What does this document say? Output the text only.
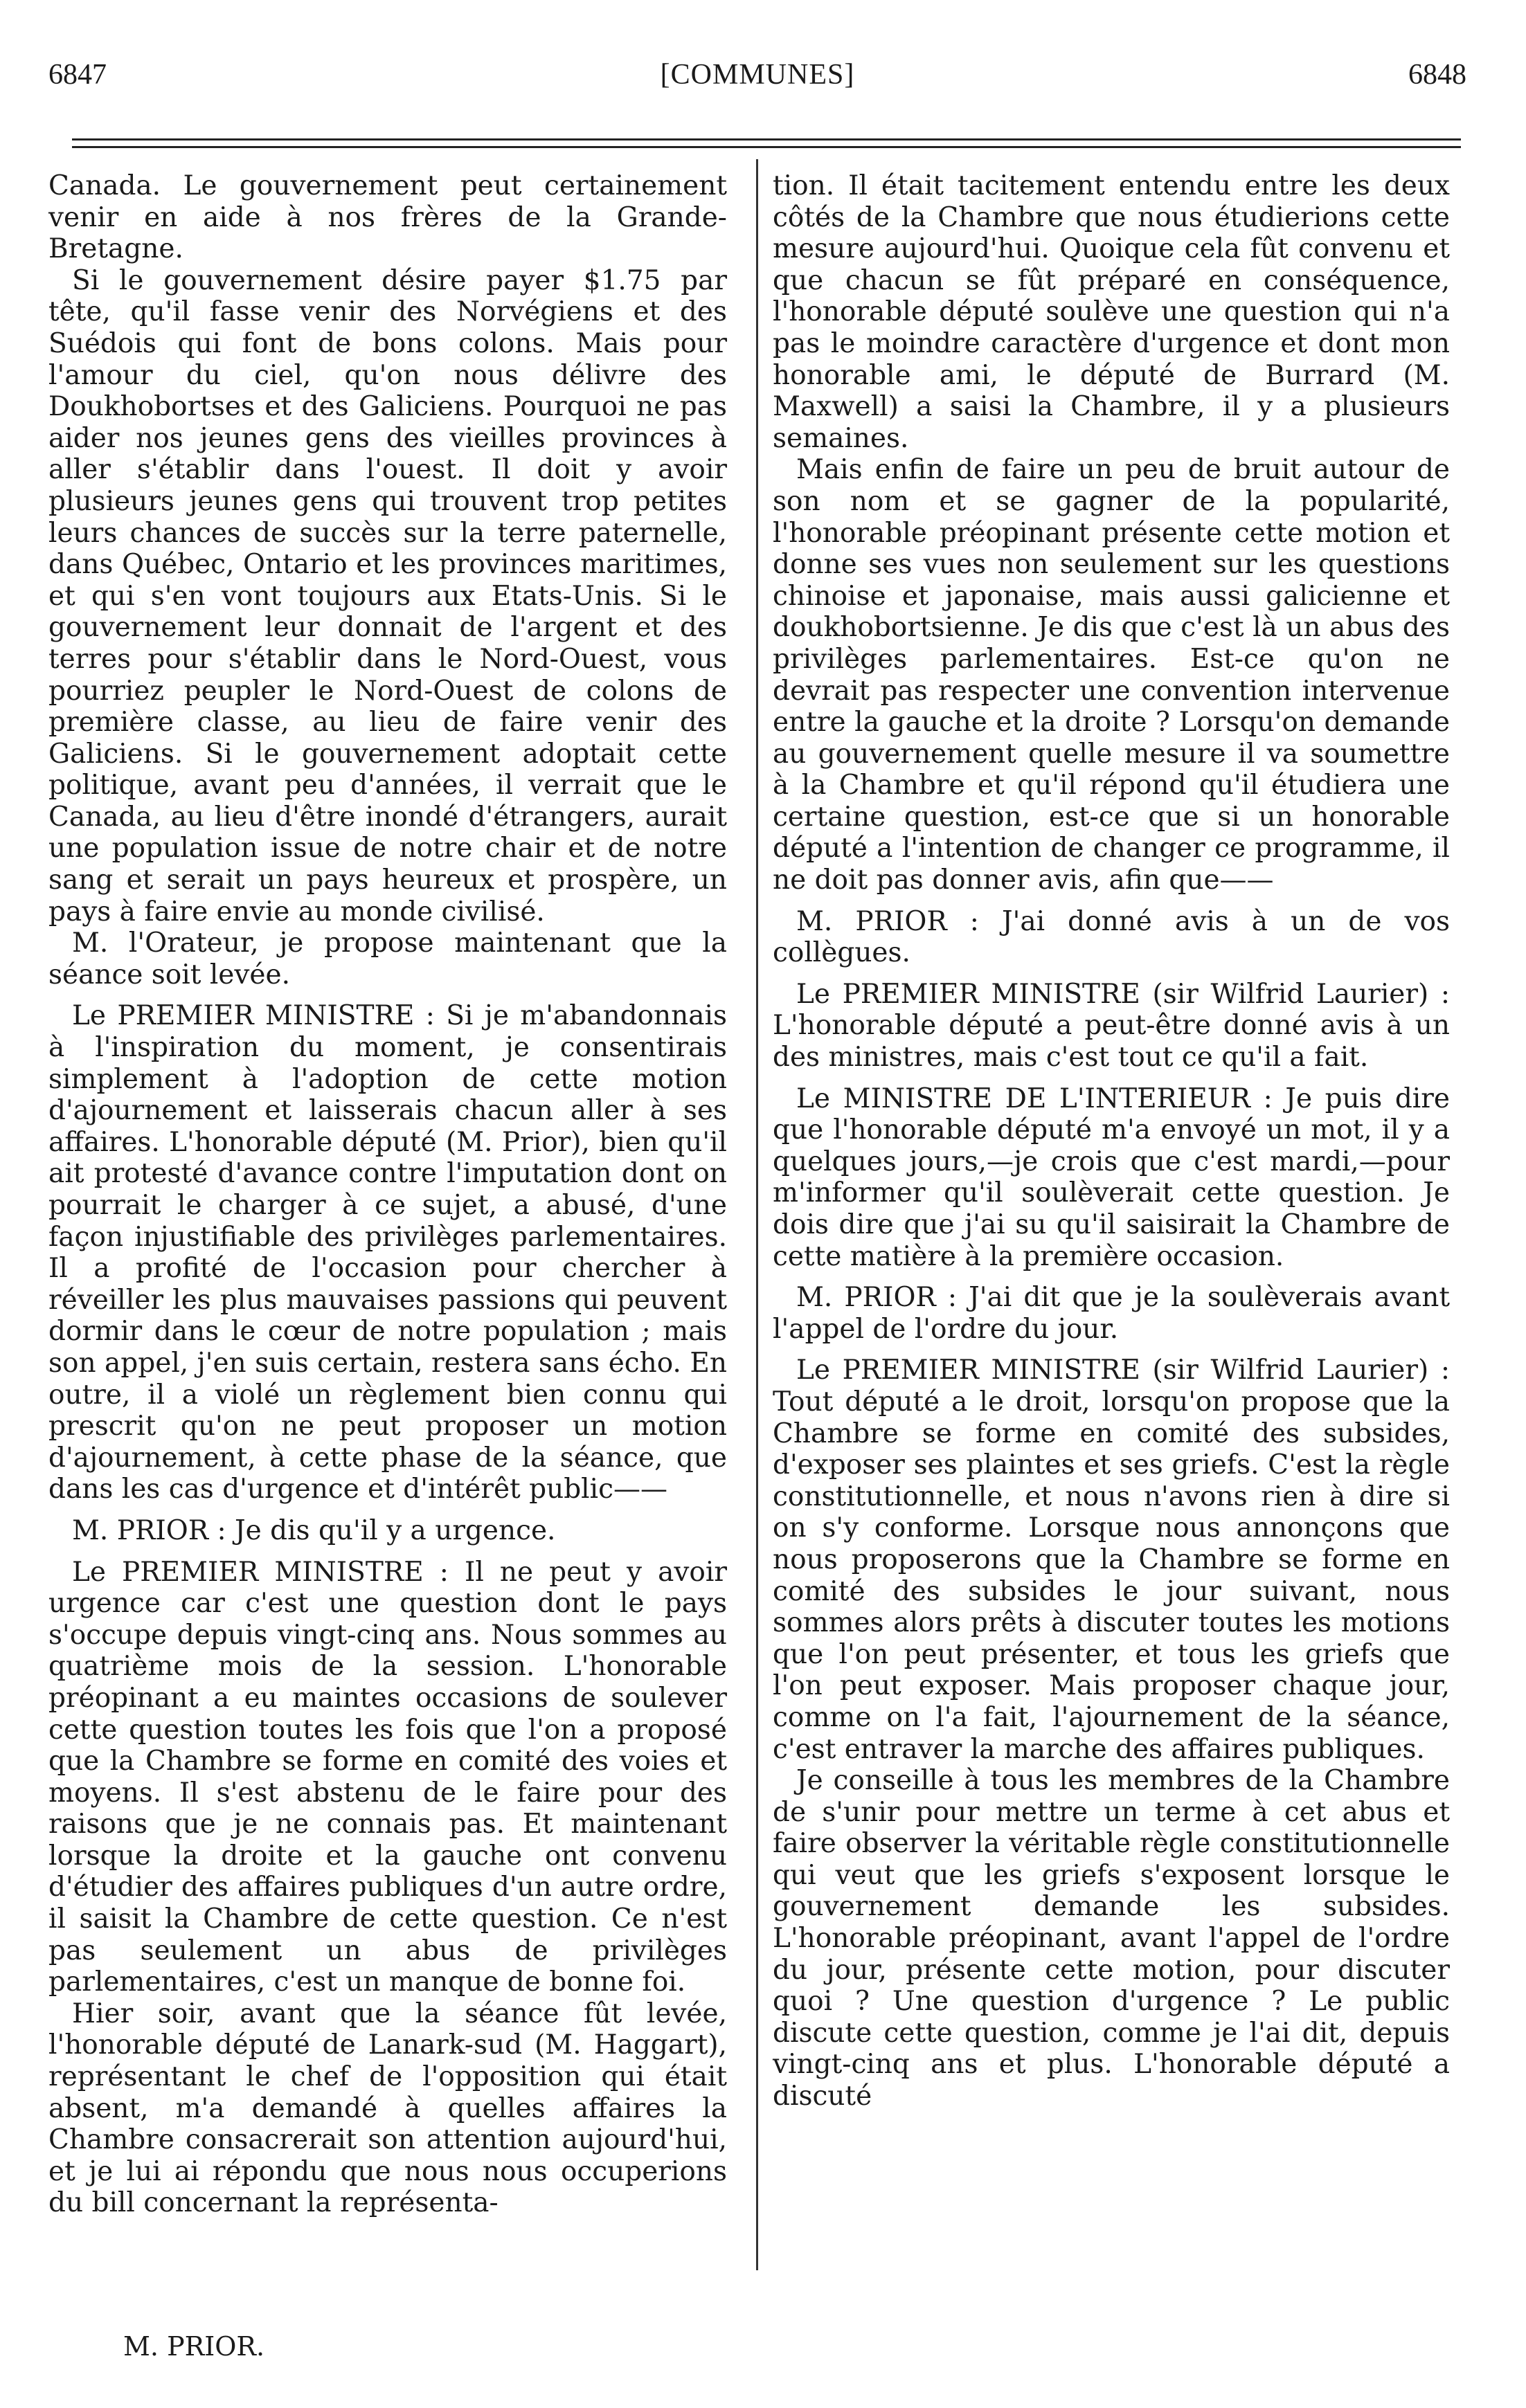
6847	[COMMUNES]	6848

Canada. Le gouvernement peut certainement venir en aide à nos frères de la Grande-Bretagne.

Si le gouvernement désire payer $1.75 par tête, qu'il fasse venir des Norvégiens et des Suédois qui font de bons colons. Mais pour l'amour du ciel, qu'on nous délivre des Doukhobortses et des Galiciens. Pourquoi ne pas aider nos jeunes gens des vieilles provinces à aller s'établir dans l'ouest. Il doit y avoir plusieurs jeunes gens qui trouvent trop petites leurs chances de succès sur la terre paternelle, dans Québec, Ontario et les provinces maritimes, et qui s'en vont toujours aux Etats-Unis. Si le gouvernement leur donnait de l'argent et des terres pour s'établir dans le Nord-Ouest, vous pourriez peupler le Nord-Ouest de colons de première classe, au lieu de faire venir des Galiciens. Si le gouvernement adoptait cette politique, avant peu d'années, il verrait que le Canada, au lieu d'être inondé d'étrangers, aurait une population issue de notre chair et de notre sang et serait un pays heureux et prospère, un pays à faire envie au monde civilisé.

M. l'Orateur, je propose maintenant que la séance soit levée.

Le PREMIER MINISTRE : Si je m'abandonnais à l'inspiration du moment, je consentirais simplement à l'adoption de cette motion d'ajournement et laisserais chacun aller à ses affaires. L'honorable député (M. Prior), bien qu'il ait protesté d'avance contre l'imputation dont on pourrait le charger à ce sujet, a abusé, d'une façon injustifiable des privilèges parlementaires. Il a profité de l'occasion pour chercher à réveiller les plus mauvaises passions qui peuvent dormir dans le cœur de notre population ; mais son appel, j'en suis certain, restera sans écho. En outre, il a violé un règlement bien connu qui prescrit qu'on ne peut proposer un motion d'ajournement, à cette phase de la séance, que dans les cas d'urgence et d'intérêt public——

M. PRIOR : Je dis qu'il y a urgence.

Le PREMIER MINISTRE : Il ne peut y avoir urgence car c'est une question dont le pays s'occupe depuis vingt-cinq ans. Nous sommes au quatrième mois de la session. L'honorable préopinant a eu maintes occasions de soulever cette question toutes les fois que l'on a proposé que la Chambre se forme en comité des voies et moyens. Il s'est abstenu de le faire pour des raisons que je ne connais pas. Et maintenant lorsque la droite et la gauche ont convenu d'étudier des affaires publiques d'un autre ordre, il saisit la Chambre de cette question. Ce n'est pas seulement un abus de privilèges parlementaires, c'est un manque de bonne foi.

Hier soir, avant que la séance fût levée, l'honorable député de Lanark-sud (M. Haggart), représentant le chef de l'opposition qui était absent, m'a demandé à quelles affaires la Chambre consacrerait son attention aujourd'hui, et je lui ai répondu que nous nous occuperions du bill concernant la représenta-

tion. Il était tacitement entendu entre les deux côtés de la Chambre que nous étudierions cette mesure aujourd'hui. Quoique cela fût convenu et que chacun se fût préparé en conséquence, l'honorable député soulève une question qui n'a pas le moindre caractère d'urgence et dont mon honorable ami, le député de Burrard (M. Maxwell) a saisi la Chambre, il y a plusieurs semaines.

Mais enfin de faire un peu de bruit autour de son nom et se gagner de la popularité, l'honorable préopinant présente cette motion et donne ses vues non seulement sur les questions chinoise et japonaise, mais aussi galicienne et doukhobortsienne. Je dis que c'est là un abus des privilèges parlementaires. Est-ce qu'on ne devrait pas respecter une convention intervenue entre la gauche et la droite ? Lorsqu'on demande au gouvernement quelle mesure il va soumettre à la Chambre et qu'il répond qu'il étudiera une certaine question, est-ce que si un honorable député a l'intention de changer ce programme, il ne doit pas donner avis, afin que——

M. PRIOR : J'ai donné avis à un de vos collègues.

Le PREMIER MINISTRE (sir Wilfrid Laurier) : L'honorable député a peut-être donné avis à un des ministres, mais c'est tout ce qu'il a fait.

Le MINISTRE DE L'INTERIEUR : Je puis dire que l'honorable député m'a envoyé un mot, il y a quelques jours,—je crois que c'est mardi,—pour m'informer qu'il soulèverait cette question. Je dois dire que j'ai su qu'il saisirait la Chambre de cette matière à la première occasion.

M. PRIOR : J'ai dit que je la soulèverais avant l'appel de l'ordre du jour.

Le PREMIER MINISTRE (sir Wilfrid Laurier) : Tout député a le droit, lorsqu'on propose que la Chambre se forme en comité des subsides, d'exposer ses plaintes et ses griefs. C'est la règle constitutionnelle, et nous n'avons rien à dire si on s'y conforme. Lorsque nous annonçons que nous proposerons que la Chambre se forme en comité des subsides le jour suivant, nous sommes alors prêts à discuter toutes les motions que l'on peut présenter, et tous les griefs que l'on peut exposer. Mais proposer chaque jour, comme on l'a fait, l'ajournement de la séance, c'est entraver la marche des affaires publiques.

Je conseille à tous les membres de la Chambre de s'unir pour mettre un terme à cet abus et faire observer la véritable règle constitutionnelle qui veut que les griefs s'exposent lorsque le gouvernement demande les subsides. L'honorable préopinant, avant l'appel de l'ordre du jour, présente cette motion, pour discuter quoi ? Une question d'urgence ? Le public discute cette question, comme je l'ai dit, depuis vingt-cinq ans et plus. L'honorable député a discuté

M. PRIOR.
